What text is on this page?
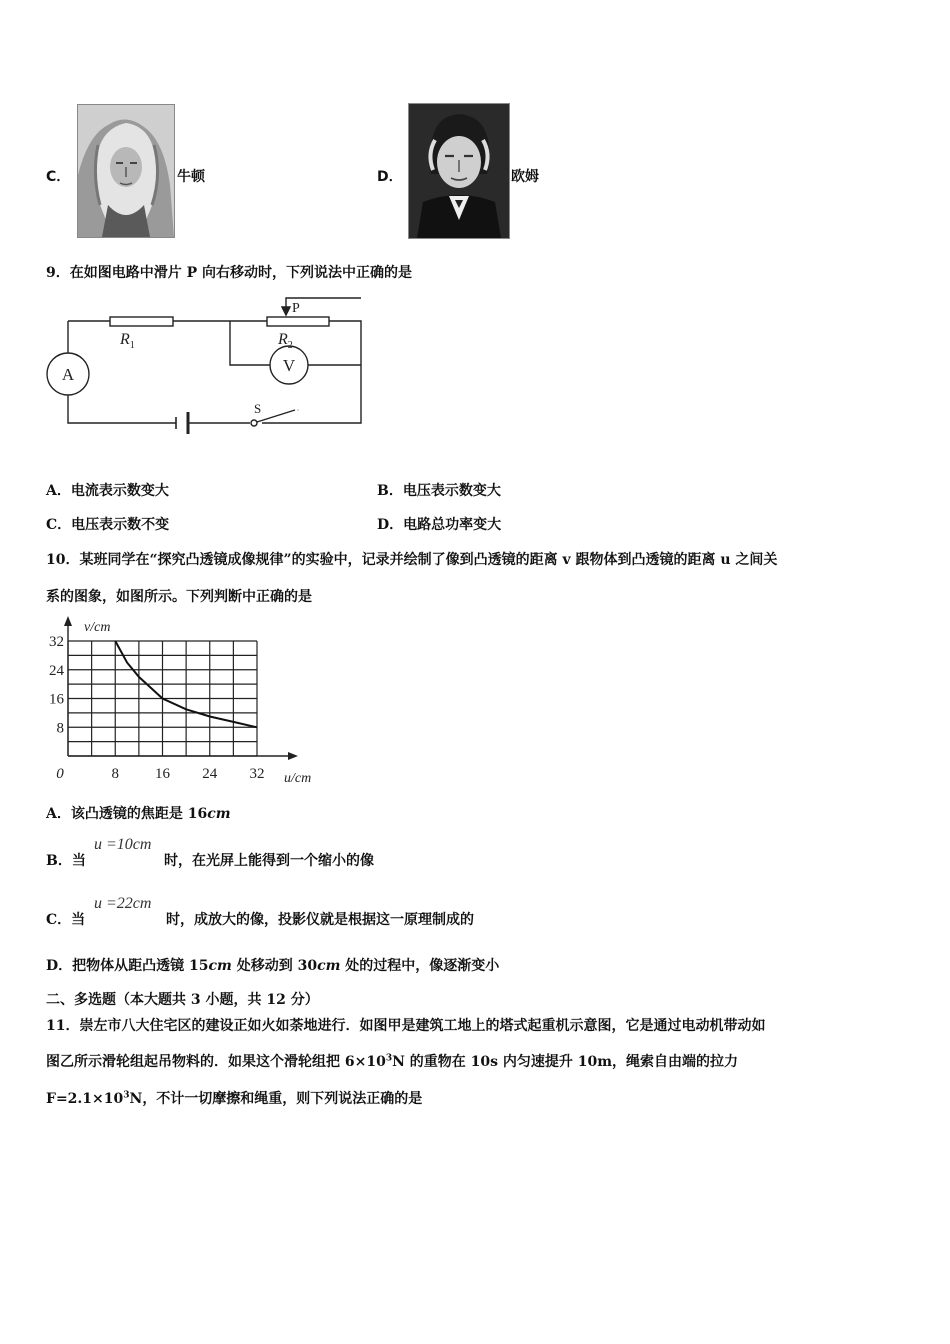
C．	牛顿	D．	欧姆
9．在如图电路中滑片 P 向右移动时，下列说法中正确的是
A	V
P
$R_1$	$R_2$
S
A．电流表示数变大	B．电压表示数变大
C．电压表示数不变	D．电路总功率变大
10．某班同学在“探究凸透镜成像规律”的实验中，记录并绘制了像到凸透镜的距离 v 跟物体到凸透镜的距离 u 之间关
系的图象，如图所示。下列判断中正确的是
8 16 24 32
8
16
24
32
0
v/cm
u/cm
A．该凸透镜的焦距是 16cm
B．当
u =10cm
时，在光屏上能得到一个缩小的像
C．当
u =22cm
时，成放大的像，投影仪就是根据这一原理制成的
D．把物体从距凸透镜 15cm 处移动到 30cm 处的过程中，像逐渐变小
二、多选题（本大题共 3 小题，共 12 分）
11．崇左市八大住宅区的建设正如火如荼地进行．如图甲是建筑工地上的塔式起重机示意图，它是通过电动机带动如
图乙所示滑轮组起吊物料的．如果这个滑轮组把 $6\times 10^3N$ 的重物在 10s 内匀速提升 10m，绳索自由端的拉力
$F=2.1\times 10^3N$，不计一切摩擦和绳重，则下列说法正确的是
